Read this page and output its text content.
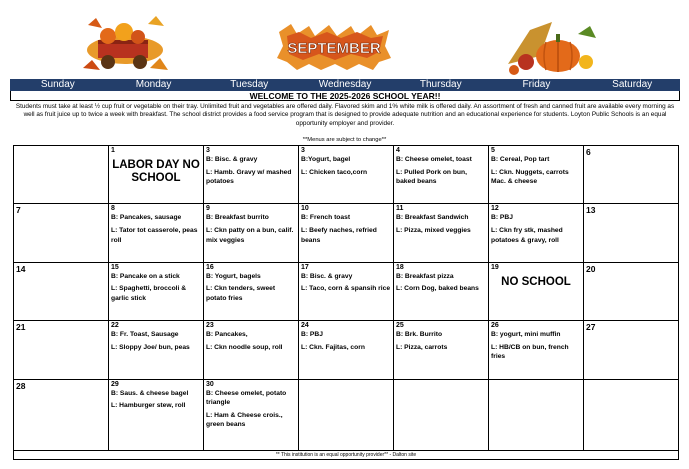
SEPTEMBER
Sunday	Monday	Tuesday	Wednesday	Thursday	Friday	Saturday
WELCOME TO THE 2025-2026 SCHOOL YEAR!!
Students must take at least ½ cup fruit or vegetable on their tray. Unlimited fruit and vegetables are offered daily. Flavored skim and 1% white milk is offered daily. An assortment of fresh and canned fruit are available every morning as well as fruit juice up to twice a week with breakfast. The school district provides a food service program that is designed to provide adequate nutrition and an educational experience for students. Loyton Public Schools is an equal opportunity employer and provider.
**Menus are subject to change**

	1
LABOR DAY NO SCHOOL	3
B: Bisc. & gravy
L: Hamb. Gravy w/ mashed potatoes	3
B:Yogurt, bagel
L: Chicken taco,corn	4
B: Cheese omelet, toast
L: Pulled Pork on bun, baked beans	5
B: Cereal, Pop tart
L: Ckn. Nuggets, carrots Mac. & cheese	6

7	8
B: Pancakes, sausage
L: Tator tot casserole, peas roll	9
B: Breakfast burrito
L: Ckn patty on a bun, calif. mix veggies	10
B: French toast
L: Beefy naches, refried beans	11
B: Breakfast Sandwich
L: Pizza, mixed veggies	12
B: PBJ
L: Ckn fry stk, mashed potatoes & gravy, roll	13

14	15
B: Pancake on a stick
L: Spaghetti, broccoli & garlic stick	16
B: Yogurt, bagels
L: Ckn tenders, sweet potato fries	17
B: Bisc. & gravy
L: Taco, corn & spansih rice	18
B: Breakfast pizza
L: Corn Dog, baked beans	19
NO SCHOOL	20

21	22
B: Fr. Toast, Sausage
L: Sloppy Joe/ bun, peas	23
B: Pancakes,
L: Ckn noodle soup, roll	24
B: PBJ
L: Ckn. Fajitas, corn	25
B: Brk. Burrito
L: Pizza, carrots	26
B: yogurt, mini muffin
L: HB/CB on bun, french fries	27

28	29
B: Saus. & cheese bagel
L: Hamburger stew, roll	30
B: Cheese omelet, potato triangle
L: Ham & Cheese crois., green beans				

** This institution is an equal opportunity provider** - Dalton site
